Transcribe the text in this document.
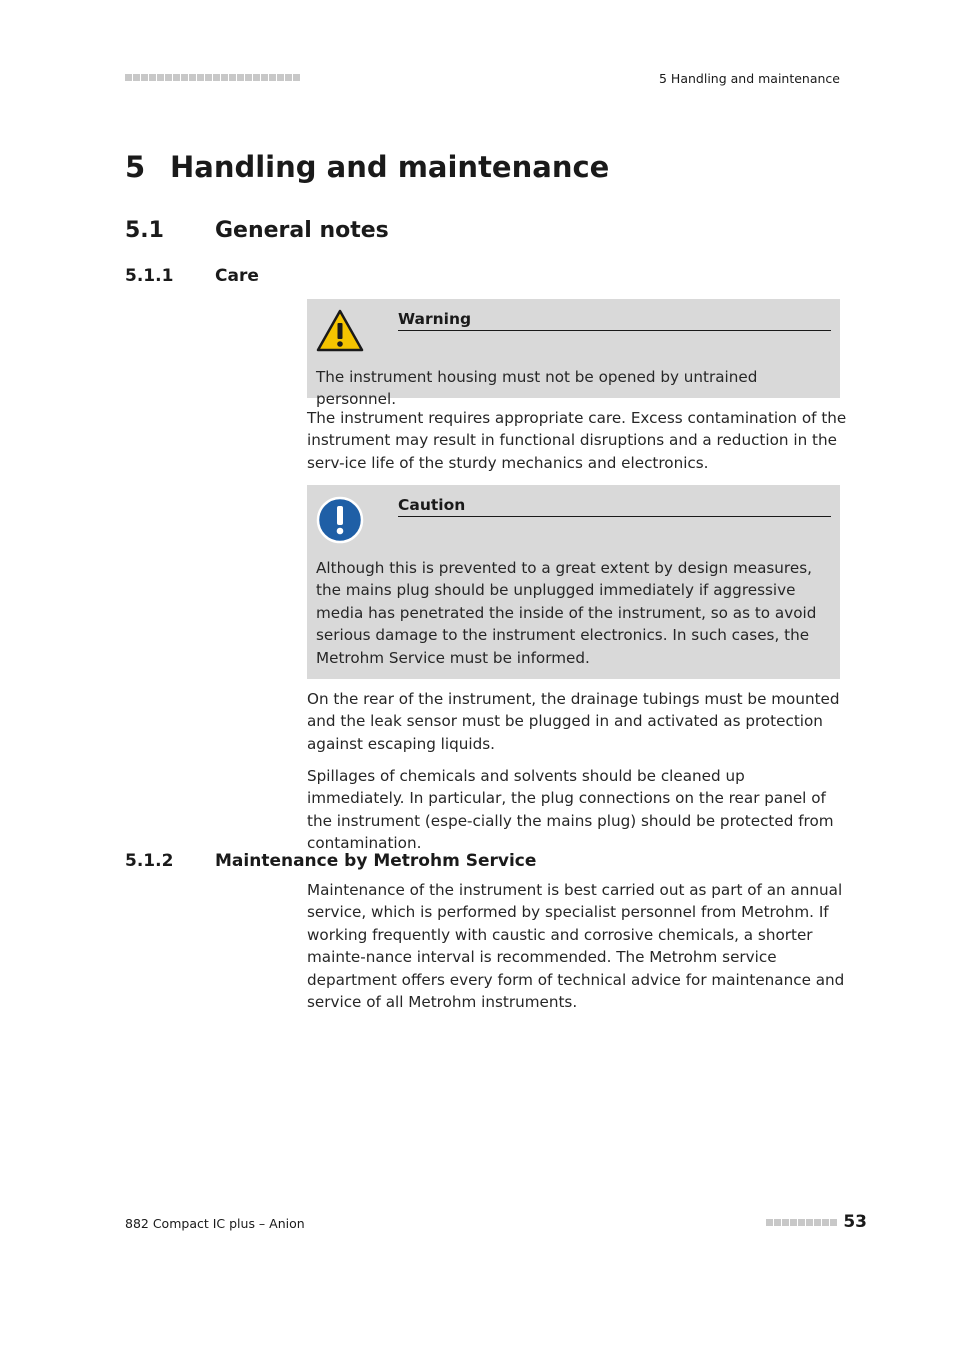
5 Handling and maintenance
5 Handling and maintenance
5.1 General notes
5.1.1 Care
Warning
The instrument housing must not be opened by untrained personnel.
The instrument requires appropriate care. Excess contamination of the instrument may result in functional disruptions and a reduction in the serv-ice life of the sturdy mechanics and electronics.
Caution
Although this is prevented to a great extent by design measures, the mains plug should be unplugged immediately if aggressive media has penetrated the inside of the instrument, so as to avoid serious damage to the instrument electronics. In such cases, the Metrohm Service must be informed.
On the rear of the instrument, the drainage tubings must be mounted and the leak sensor must be plugged in and activated as protection against escaping liquids.
Spillages of chemicals and solvents should be cleaned up immediately. In particular, the plug connections on the rear panel of the instrument (espe-cially the mains plug) should be protected from contamination.
5.1.2 Maintenance by Metrohm Service
Maintenance of the instrument is best carried out as part of an annual service, which is performed by specialist personnel from Metrohm. If working frequently with caustic and corrosive chemicals, a shorter mainte-nance interval is recommended. The Metrohm service department offers every form of technical advice for maintenance and service of all Metrohm instruments.
882 Compact IC plus – Anion	53
